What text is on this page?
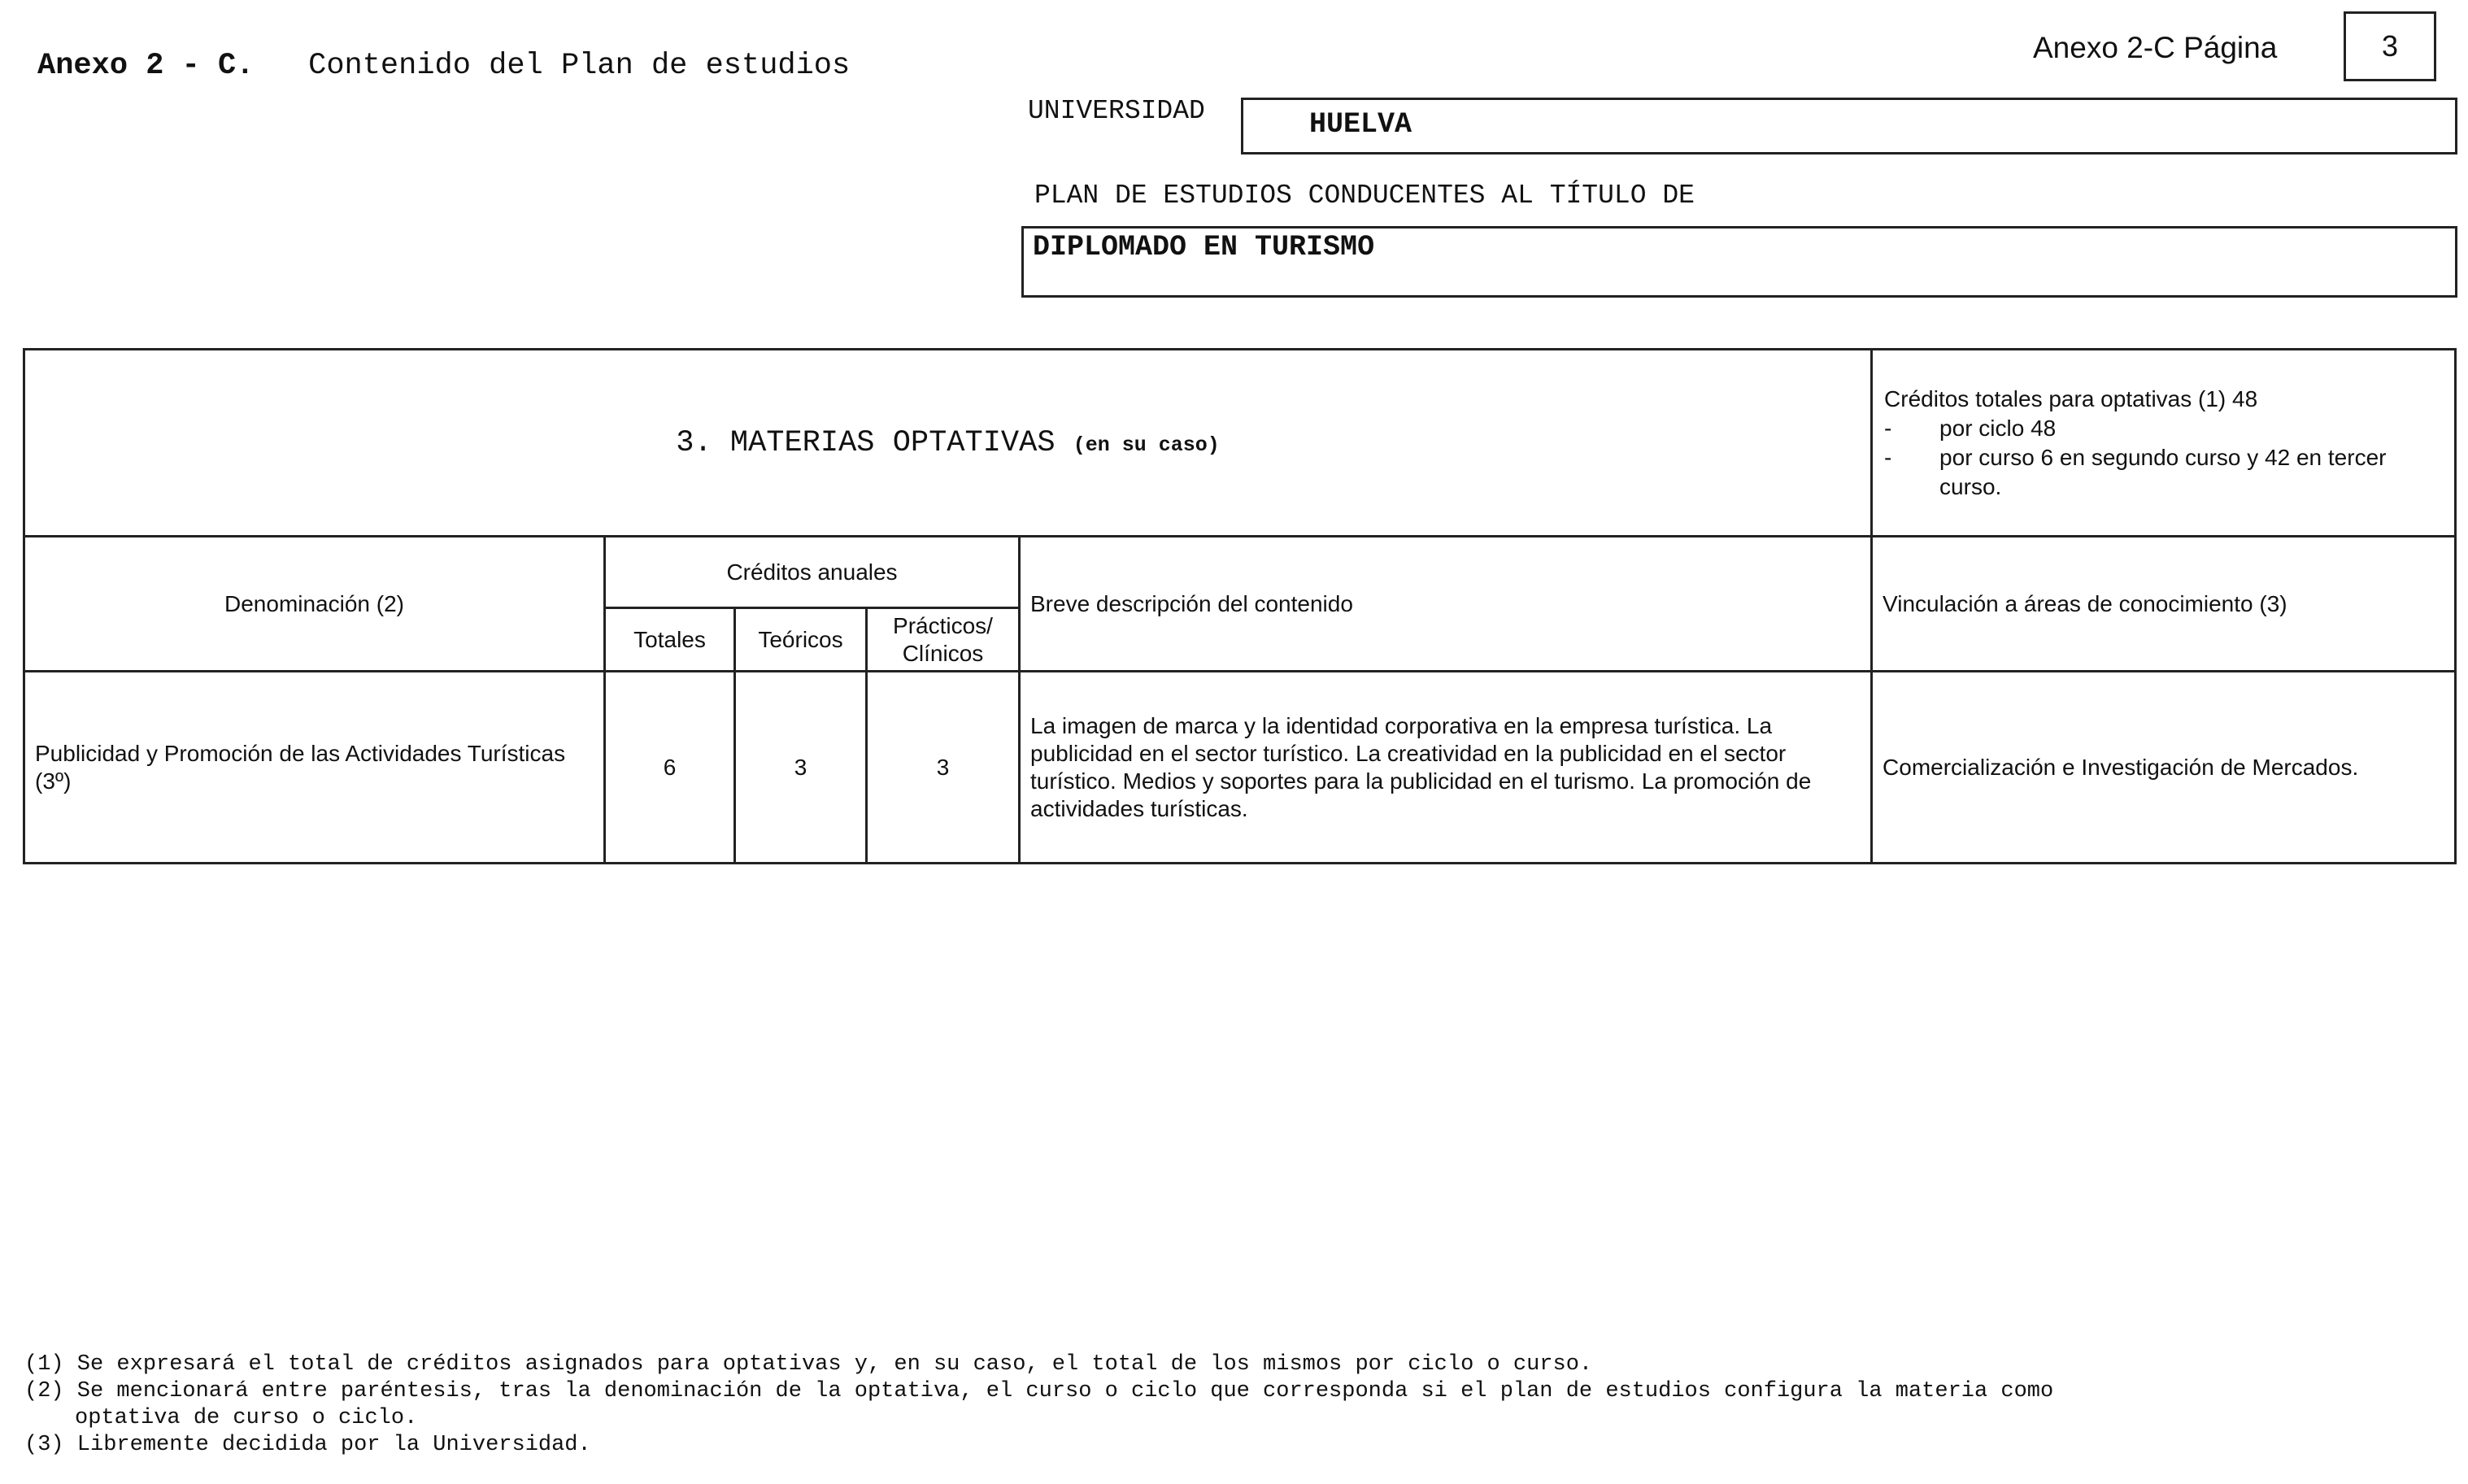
Anexo 2 - C. Contenido del Plan de estudios
Anexo 2-C Página	3
UNIVERSIDAD	HUELVA
PLAN DE ESTUDIOS CONDUCENTES AL TÍTULO DE
DIPLOMADO EN TURISMO
3. MATERIAS OPTATIVAS (en su caso)					Créditos totales para optativas (1) 48
- por ciclo 48
- por curso 6 en segundo curso y 42 en tercer curso.

Denominación (2)	Créditos anuales			Breve descripción del contenido	Vinculación a áreas de conocimiento (3)
	Totales	Teóricos	Prácticos/ Clínicos		
Publicidad y Promoción de las Actividades Turísticas (3º)	6	3	3	La imagen de marca y la identidad corporativa en la empresa turística. La publicidad en el sector turístico. La creatividad en la publicidad en el sector turístico. Medios y soportes para la publicidad en el turismo. La promoción de actividades turísticas.	Comercialización e Investigación de Mercados.
(1) Se expresará el total de créditos asignados para optativas y, en su caso, el total de los mismos por ciclo o curso.
(2) Se mencionará entre paréntesis, tras la denominación de la optativa, el curso o ciclo que corresponda si el plan de estudios configura la materia como
optativa de curso o ciclo.
(3) Libremente decidida por la Universidad.
